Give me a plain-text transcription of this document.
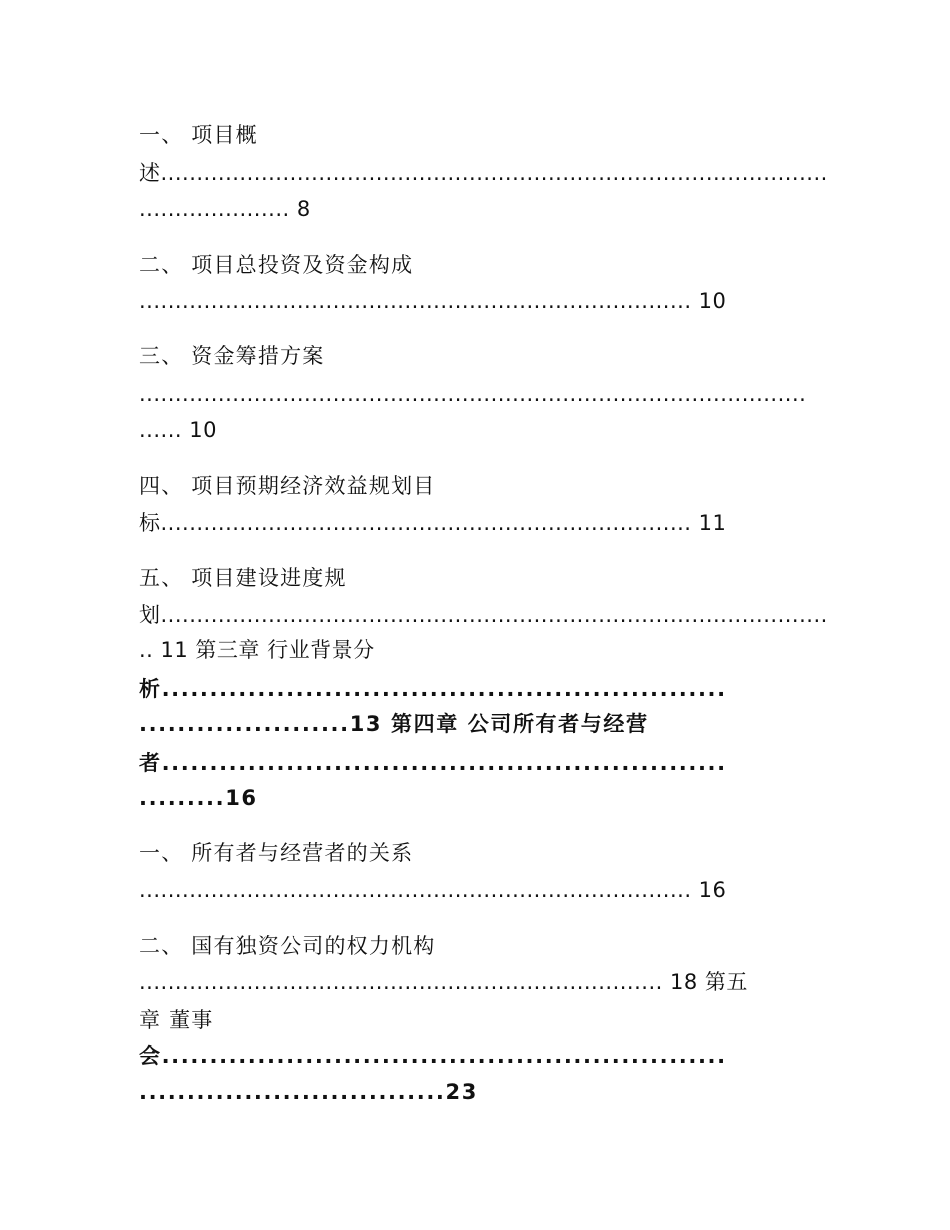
一、 项目概
述.............................................................................................
..................... 8
二、 项目总投资及资金构成
............................................................................. 10
三、 资金筹措方案
.............................................................................................
...... 10
四、 项目预期经济效益规划目
标.......................................................................... 11
五、 项目建设进度规
划.............................................................................................
.. 11 第三章 行业背景分
析...........................................................
......................13 第四章 公司所有者与经营
者...........................................................
.........16
一、 所有者与经营者的关系
............................................................................. 16
二、 国有独资公司的权力机构
......................................................................... 18 第五
章 董事
会...........................................................
................................23
